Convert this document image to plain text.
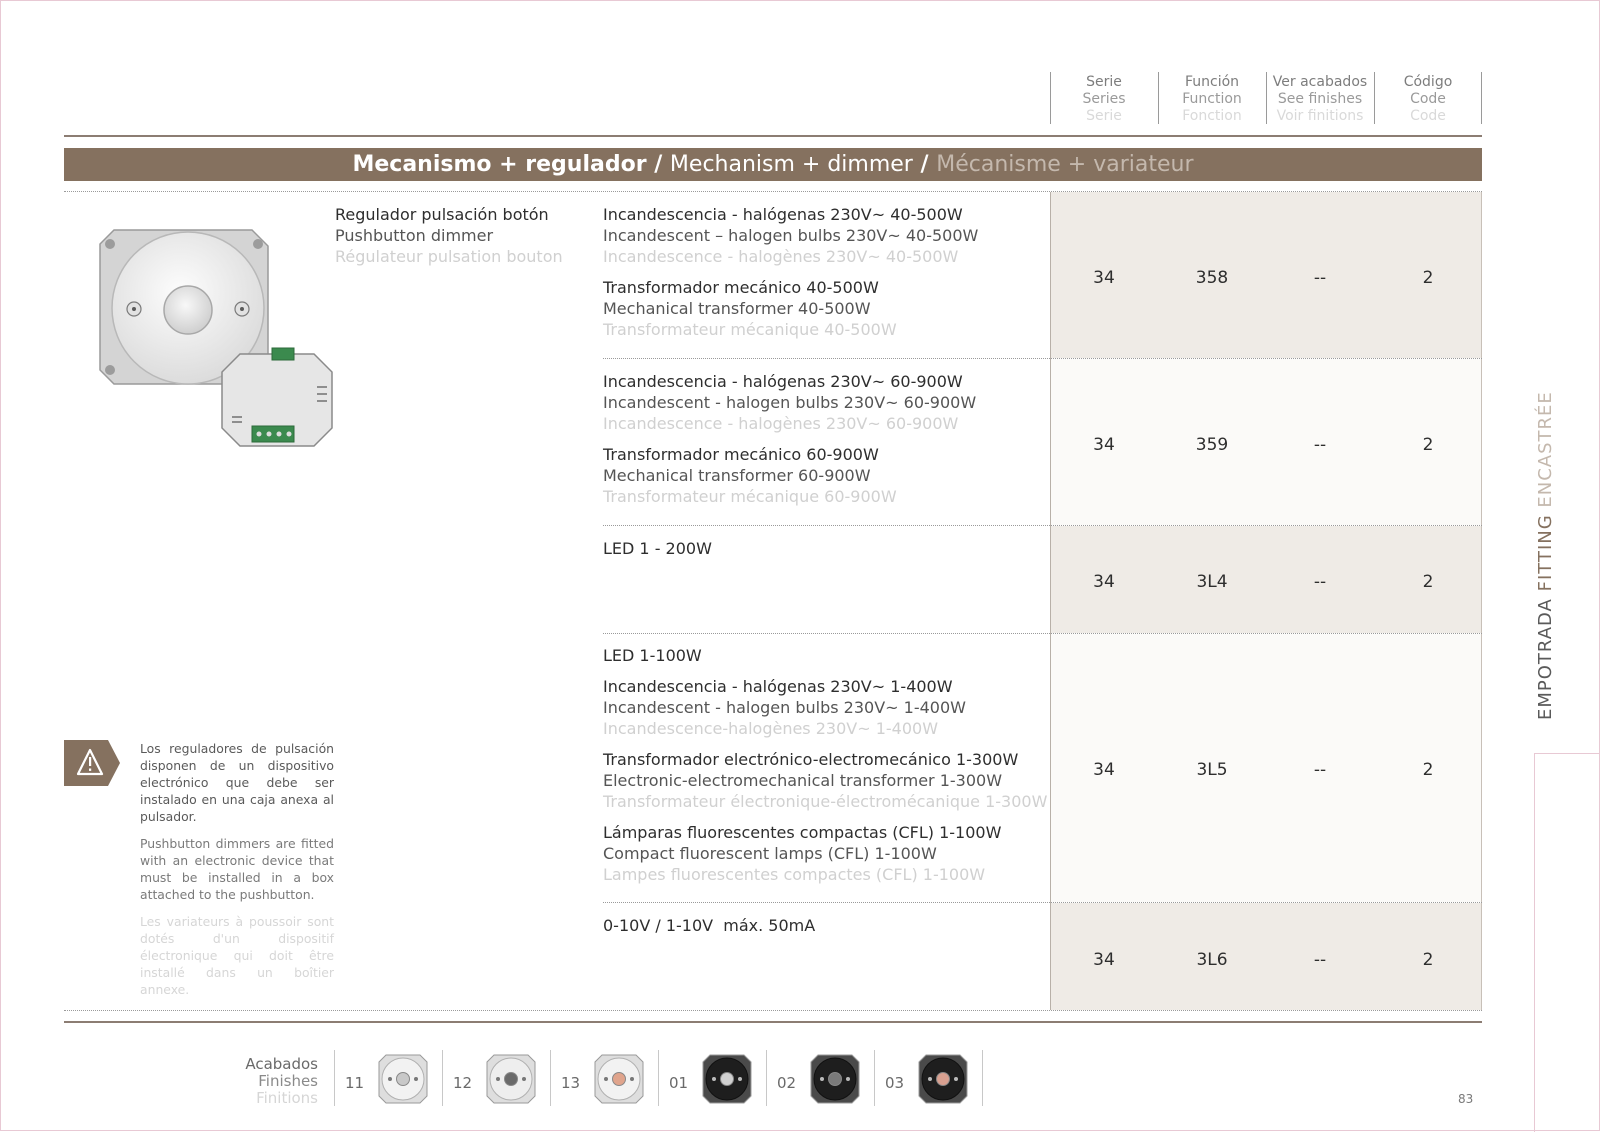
Serie
Series
Serie
Función
Function
Fonction
Ver acabados
See finishes
Voir finitions
Código
Code
Code
Mecanismo + regulador / Mechanism + dimmer / Mécanisme + variateur
Regulador pulsación botón
Pushbutton dimmer
Régulateur pulsation bouton
Incandescencia - halógenas 230V~ 40-500W
Incandescent – halogen bulbs 230V~ 40-500W
Incandescence - halogènes 230V~ 40-500W
Transformador mecánico 40-500W
Mechanical transformer 40-500W
Transformateur mécanique 40-500W
34	358	--	2
Incandescencia - halógenas 230V~ 60-900W
Incandescent - halogen bulbs 230V~ 60-900W
Incandescence - halogènes 230V~ 60-900W
Transformador mecánico 60-900W
Mechanical transformer 60-900W
Transformateur mécanique 60-900W
34	359	--	2
LED 1 - 200W
34	3L4	--	2
LED 1-100W
Incandescencia - halógenas 230V~ 1-400W
Incandescent - halogen bulbs 230V~ 1-400W
Incandescence-halogènes 230V~ 1-400W
Transformador electrónico-electromecánico 1-300W
Electronic-electromechanical transformer 1-300W
Transformateur électronique-électromécanique 1-300W
Lámparas fluorescentes compactas (CFL) 1-100W
Compact fluorescent lamps (CFL) 1-100W
Lampes fluorescentes compactes (CFL) 1-100W
34	3L5	--	2
0-10V / 1-10V  máx. 50mA
34	3L6	--	2

Los reguladores de pulsación disponen de un dispositivo electrónico que debe ser instalado en una caja anexa al pulsador.

Pushbutton dimmers are fitted with an electronic device that must be installed in a box attached to the pushbutton.

Les variateurs à poussoir sont dotés d'un dispositif électronique qui doit être installé dans un boîtier annexe.

Acabados
Finishes
Finitions
11	12	13	01	02	03
EMPOTRADA FITTING ENCASTRÉE
83
